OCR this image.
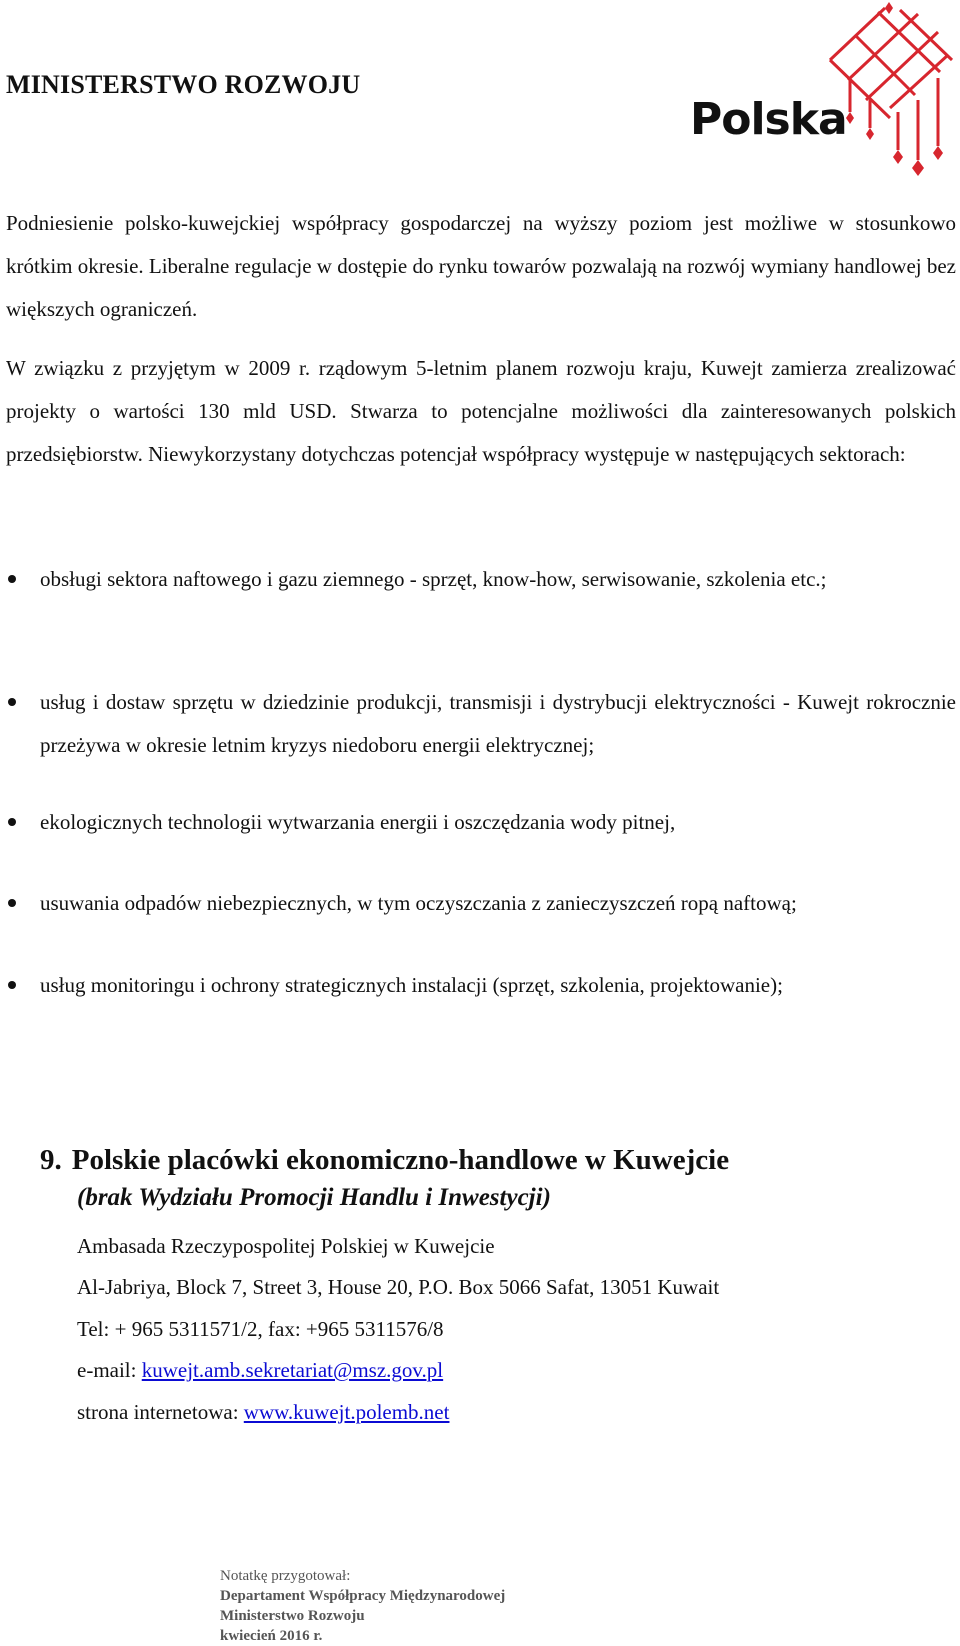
MINISTERSTWO ROZWOJU
Polska
Podniesienie polsko-kuwejckiej współpracy gospodarczej na wyższy poziom jest możliwe w stosunkowo krótkim okresie. Liberalne regulacje w dostępie do rynku towarów pozwalają na rozwój wymiany handlowej bez większych ograniczeń.
W związku z przyjętym w 2009 r. rządowym 5-letnim planem rozwoju kraju, Kuwejt zamierza zrealizować projekty o wartości 130 mld USD. Stwarza to potencjalne możliwości dla zainteresowanych polskich przedsiębiorstw. Niewykorzystany dotychczas potencjał współpracy występuje w następujących sektorach:
obsługi sektora naftowego i gazu ziemnego - sprzęt, know-how, serwisowanie, szkolenia etc.;
usług i dostaw sprzętu w dziedzinie produkcji, transmisji i dystrybucji elektryczności - Kuwejt rokrocznie przeżywa w okresie letnim kryzys niedoboru energii elektrycznej;
ekologicznych technologii wytwarzania energii i oszczędzania wody pitnej,
usuwania odpadów niebezpiecznych, w tym oczyszczania z zanieczyszczeń ropą naftową;
usług monitoringu i ochrony strategicznych instalacji (sprzęt, szkolenia, projektowanie);
9. Polskie placówki ekonomiczno-handlowe w Kuwejcie
(brak Wydziału Promocji Handlu i Inwestycji)
Ambasada Rzeczypospolitej Polskiej w Kuwejcie
Al-Jabriya, Block 7, Street 3, House 20, P.O. Box 5066 Safat, 13051 Kuwait
Tel: + 965 5311571/2, fax: +965 5311576/8
e-mail: kuwejt.amb.sekretariat@msz.gov.pl
strona internetowa: www.kuwejt.polemb.net
Notatkę przygotował:
Departament Współpracy Międzynarodowej
Ministerstwo Rozwoju
kwiecień 2016 r.
